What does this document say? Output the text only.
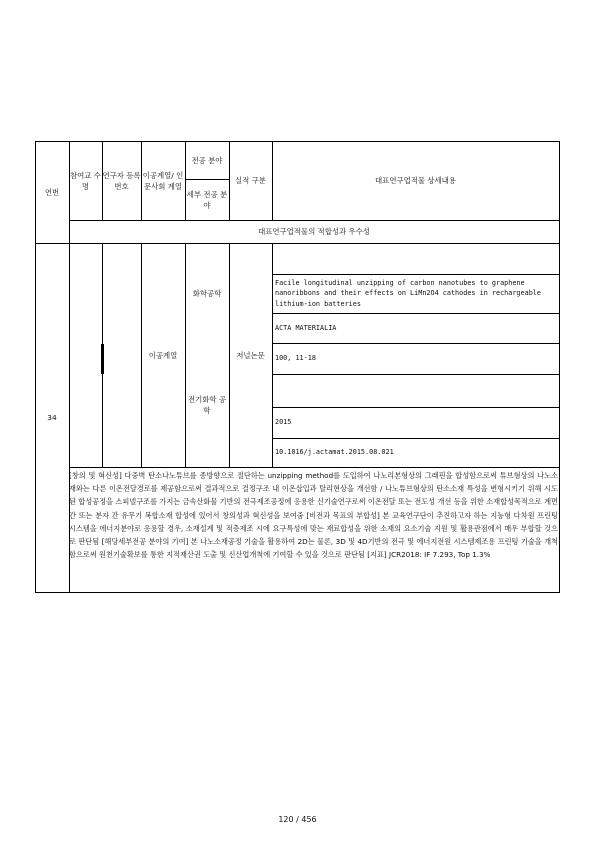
연번
참여교 수명
연구자 등록번호
이공계열/ 인문사회 계열
전공 분야
세부 전공 분야
실적 구분	대표연구업적물 상세내용
대표연구업적물의 적합성과 우수성
34
이공계열
화학공학
전기화학 공학
저널논문
Facile longitudinal unzipping of carbon nanotubes to graphene nanoribbons and their effects on LiMn2O4 cathodes in rechargeable lithium-ion batteries
ACTA MATERIALIA
100, 11-18
2015
10.1016/j.actamat.2015.08.021
[창의 및 혁신성] 다중벽 탄소나노튜브를 종방향으로 절단하는 unzipping method를 도입하여 나노리본형상의 그래핀을 합성함으로써 튜브형상의 나노소재와는 다른 이온전달경로를 제공함으로써 결과적으로 결정구조 내 이온삽입과 탈리현상을 개선함 / 나노튜브형상의 탄소소재 특성을 변형시키기 위해 시도된 합성공정을 스피넬구조를 가지는 금속산화물 기반의 전극제조공정에 응용한 신기술연구로써 이온전달 또는 전도성 개선 등을 위한 소재합성목적으로 계면 간 또는 분자 간 유무기 복합소재 합성에 있어서 창의성과 혁신성을 보여줌 [비전과 목표의 부합성] 본 교육연구단이 추진하고자 하는 지능형 다차원 프린팅 시스템을 에너지분야로 응용할 경우, 소재설계 및 적층제조 시에 요구특성에 맞는 재료합성을 위한 소재의 요소기술 지원 및 활용관점에서 매우 부합할 것으로 판단됨 [해당세부전공 분야의 기여] 본 나노소재공정 기술을 활용하여 2D는 물론, 3D 및 4D기반의 전극 및 에너지전원 시스템제조용 프린팅 기술을 개척함으로써 원천기술확보를 통한 지적재산권 도출 및 신산업개척에 기여할 수 있을 것으로 판단됨 [지표] JCR2018: IF 7.293, Top 1.3%
120 / 456
